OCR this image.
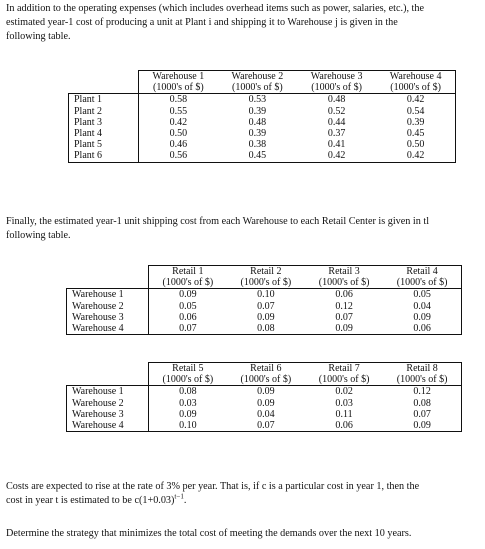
In addition to the operating expenses (which includes overhead items such as power, salaries, etc.), the
estimated year-1 cost of producing a unit at Plant i and shipping it to Warehouse j is given in the
following table.
	Warehouse 1	Warehouse 2	Warehouse 3	Warehouse 4
	(1000's of $)	(1000's of $)	(1000's of $)	(1000's of $)
Plant 1	0.58	0.53	0.48	0.42
Plant 2	0.55	0.39	0.52	0.54
Plant 3	0.42	0.48	0.44	0.39
Plant 4	0.50	0.39	0.37	0.45
Plant 5	0.46	0.38	0.41	0.50
Plant 6	0.56	0.45	0.42	0.42
Finally, the estimated year-1 unit shipping cost from each Warehouse to each Retail Center is given in tl
following table.
	Retail 1	Retail 2	Retail 3	Retail 4
	(1000's of $)	(1000's of $)	(1000's of $)	(1000's of $)
Warehouse 1	0.09	0.10	0.06	0.05
Warehouse 2	0.05	0.07	0.12	0.04
Warehouse 3	0.06	0.09	0.07	0.09
Warehouse 4	0.07	0.08	0.09	0.06
	Retail 5	Retail 6	Retail 7	Retail 8
	(1000's of $)	(1000's of $)	(1000's of $)	(1000's of $)
Warehouse 1	0.08	0.09	0.02	0.12
Warehouse 2	0.03	0.09	0.03	0.08
Warehouse 3	0.09	0.04	0.11	0.07
Warehouse 4	0.10	0.07	0.06	0.09
Costs are expected to rise at the rate of 3% per year. That is, if c is a particular cost in year 1, then the
cost in year t is estimated to be $c(1+0.03)^{t-1}$.
Determine the strategy that minimizes the total cost of meeting the demands over the next 10 years.
